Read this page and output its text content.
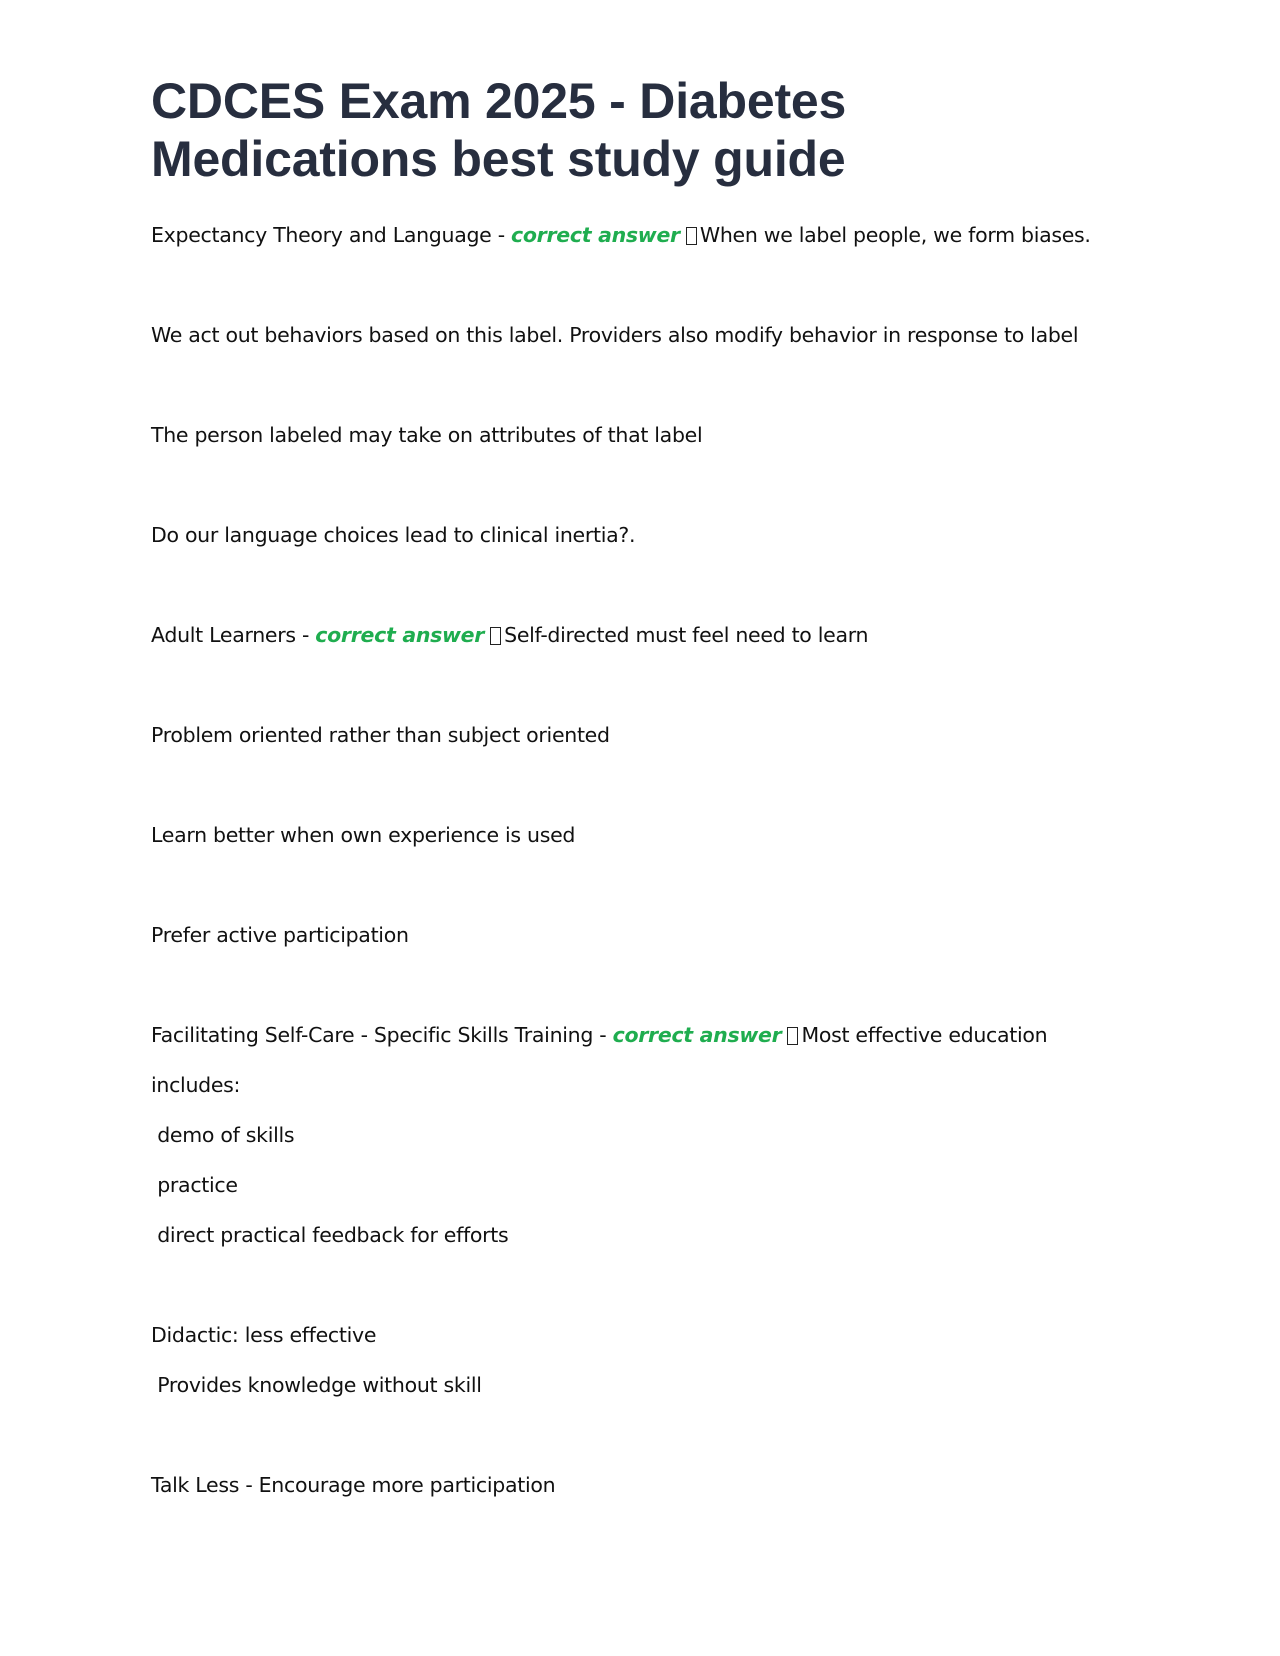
CDCES Exam 2025 - Diabetes Medications best study guide
Expectancy Theory and Language - correct answer When we label people, we form biases.
We act out behaviors based on this label. Providers also modify behavior in response to label
The person labeled may take on attributes of that label
Do our language choices lead to clinical inertia?.
Adult Learners - correct answer Self-directed must feel need to learn
Problem oriented rather than subject oriented
Learn better when own experience is used
Prefer active participation
Facilitating Self-Care - Specific Skills Training - correct answer Most effective education
includes:
demo of skills
practice
direct practical feedback for efforts
Didactic: less effective
Provides knowledge without skill
Talk Less - Encourage more participation
